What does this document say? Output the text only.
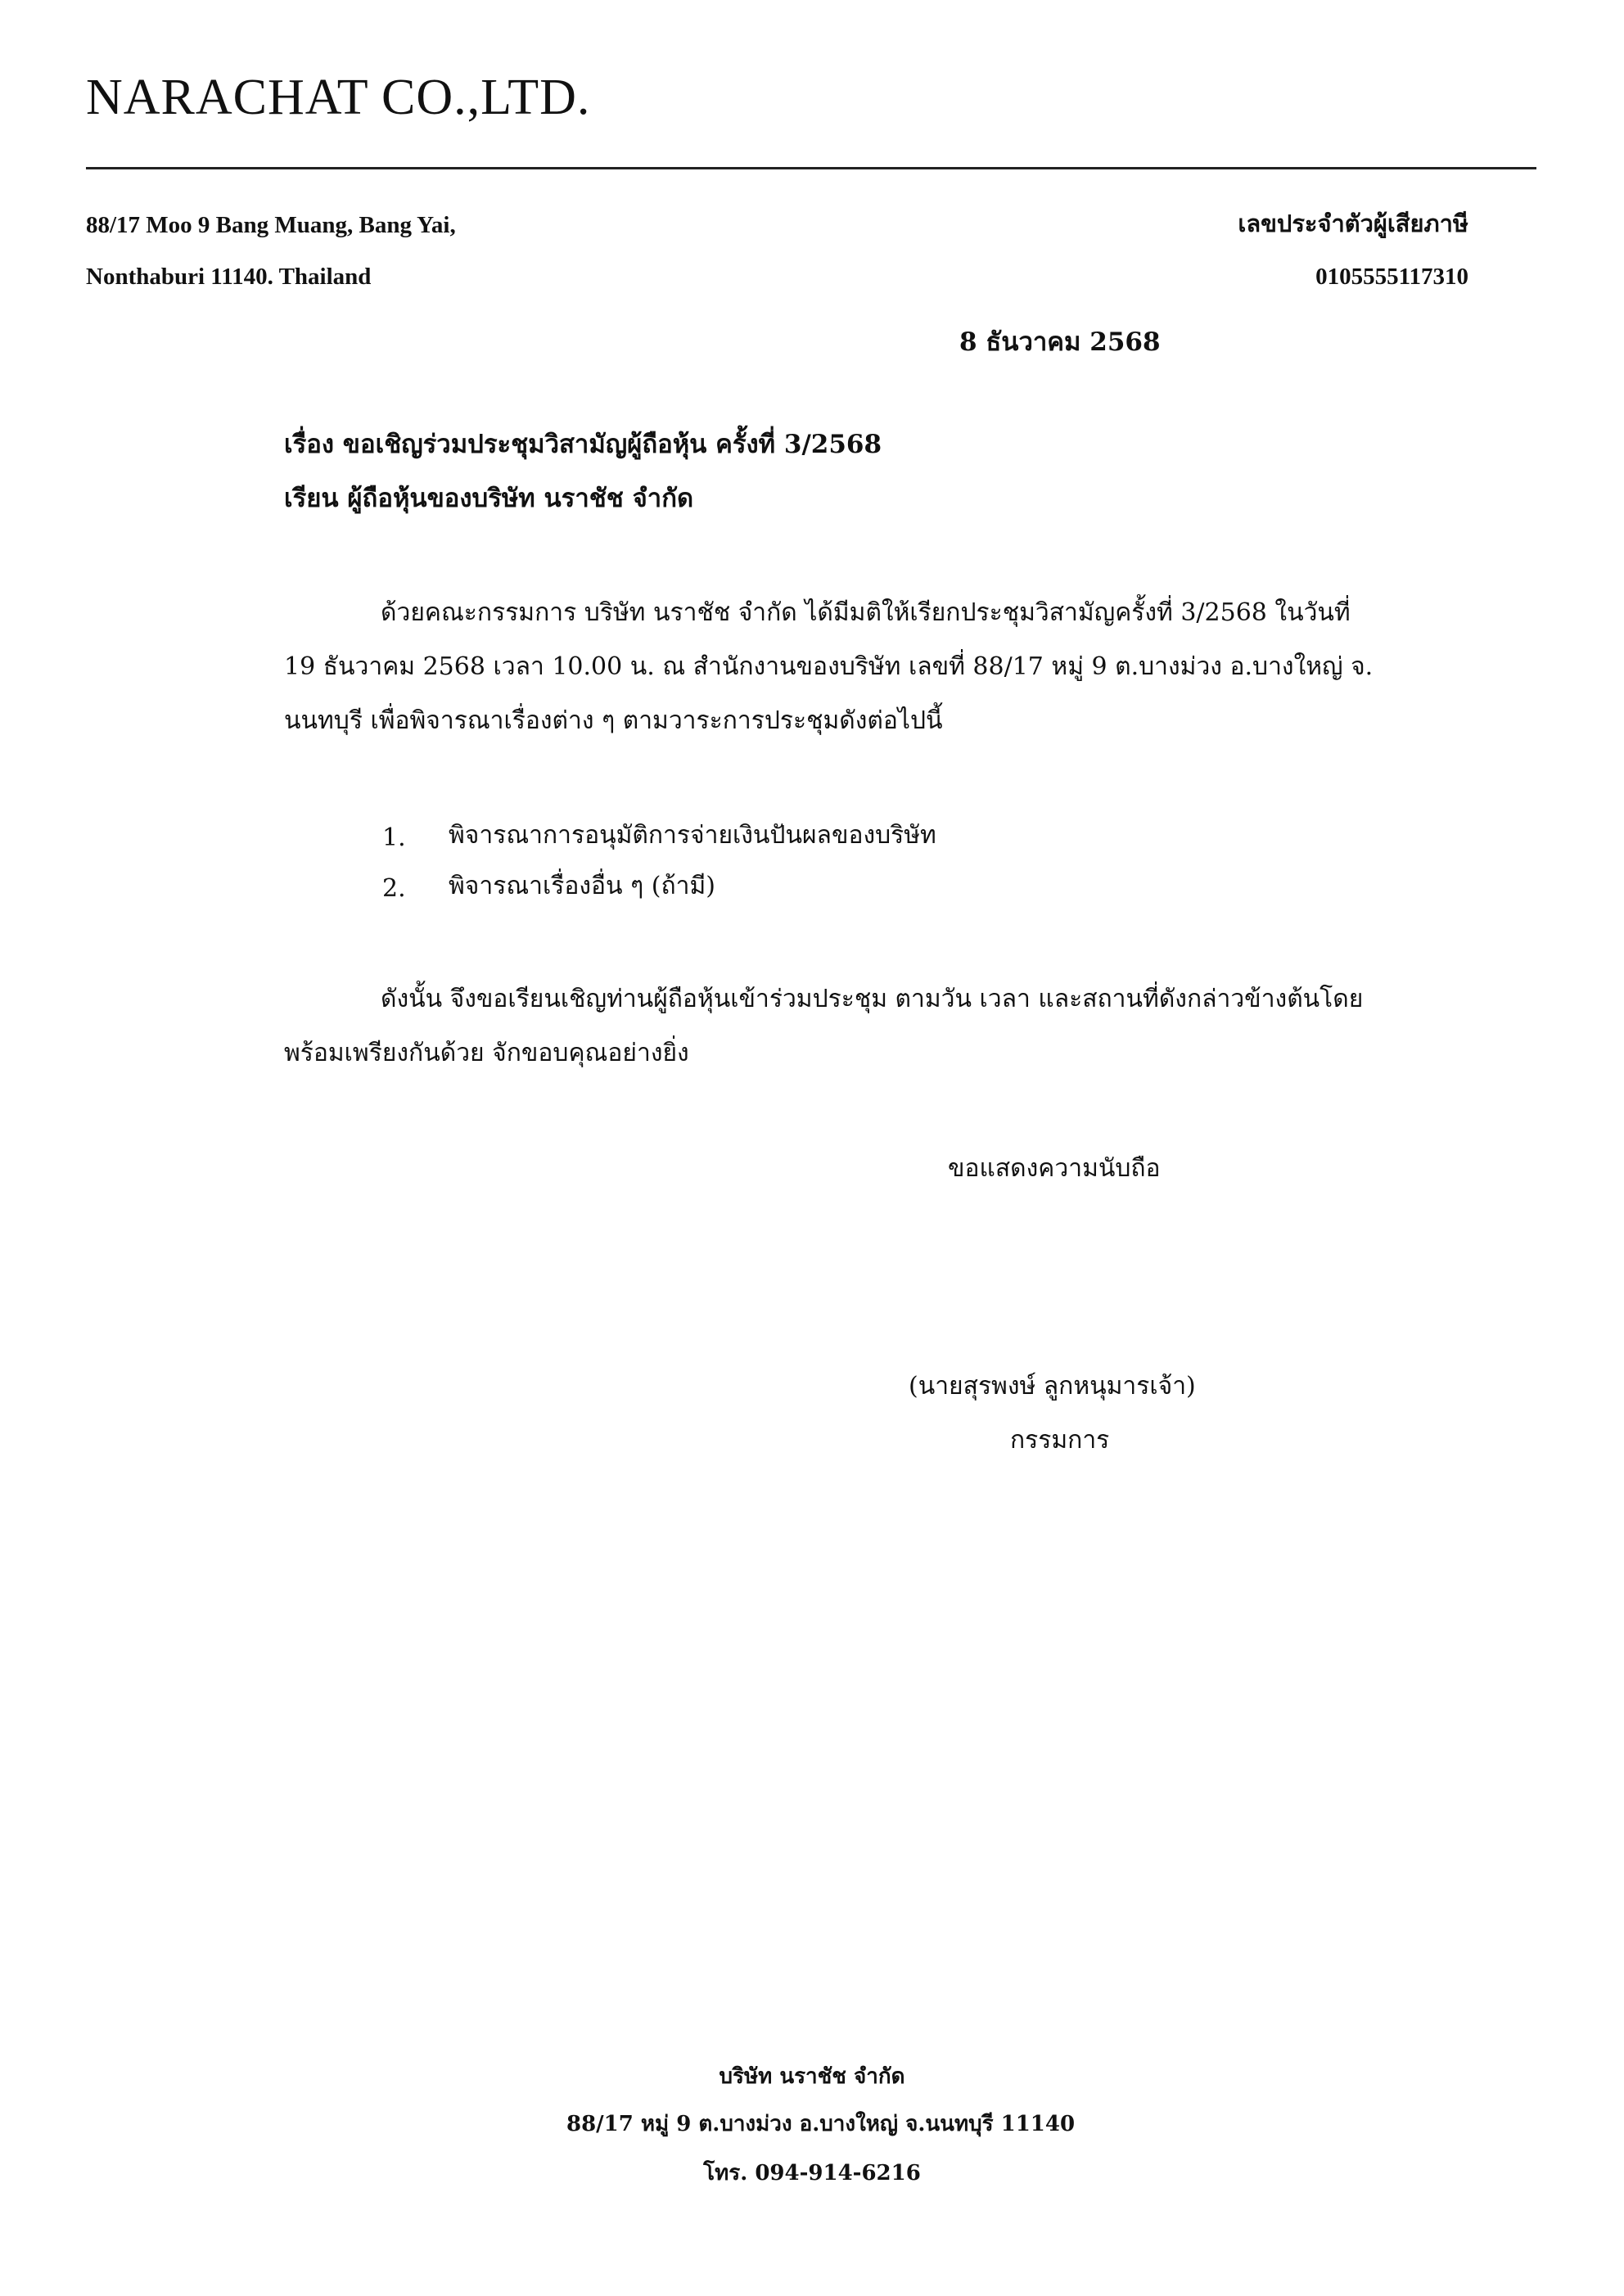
NARACHAT CO.,LTD.
88/17 Moo 9 Bang Muang, Bang Yai,
Nonthaburi 11140. Thailand
เลขประจำตัวผู้เสียภาษี
0105555117310
8 ธันวาคม 2568
เรื่อง ขอเชิญร่วมประชุมวิสามัญผู้ถือหุ้น ครั้งที่ 3/2568
เรียน ผู้ถือหุ้นของบริษัท นราชัช จำกัด
ด้วยคณะกรรมการ บริษัท นราชัช จำกัด ได้มีมติให้เรียกประชุมวิสามัญครั้งที่ 3/2568 ในวันที่
19 ธันวาคม 2568 เวลา 10.00 น. ณ สำนักงานของบริษัท เลขที่ 88/17 หมู่ 9 ต.บางม่วง อ.บางใหญ่ จ.
นนทบุรี เพื่อพิจารณาเรื่องต่าง ๆ ตามวาระการประชุมดังต่อไปนี้
1. พิจารณาการอนุมัติการจ่ายเงินปันผลของบริษัท
2. พิจารณาเรื่องอื่น ๆ (ถ้ามี)
ดังนั้น จึงขอเรียนเชิญท่านผู้ถือหุ้นเข้าร่วมประชุม ตามวัน เวลา และสถานที่ดังกล่าวข้างต้นโดย
พร้อมเพรียงกันด้วย จักขอบคุณอย่างยิ่ง
ขอแสดงความนับถือ
(นายสุรพงษ์ ลูกหนุมารเจ้า)
กรรมการ
บริษัท นราชัช จำกัด
88/17 หมู่ 9 ต.บางม่วง อ.บางใหญ่ จ.นนทบุรี 11140
โทร. 094-914-6216
